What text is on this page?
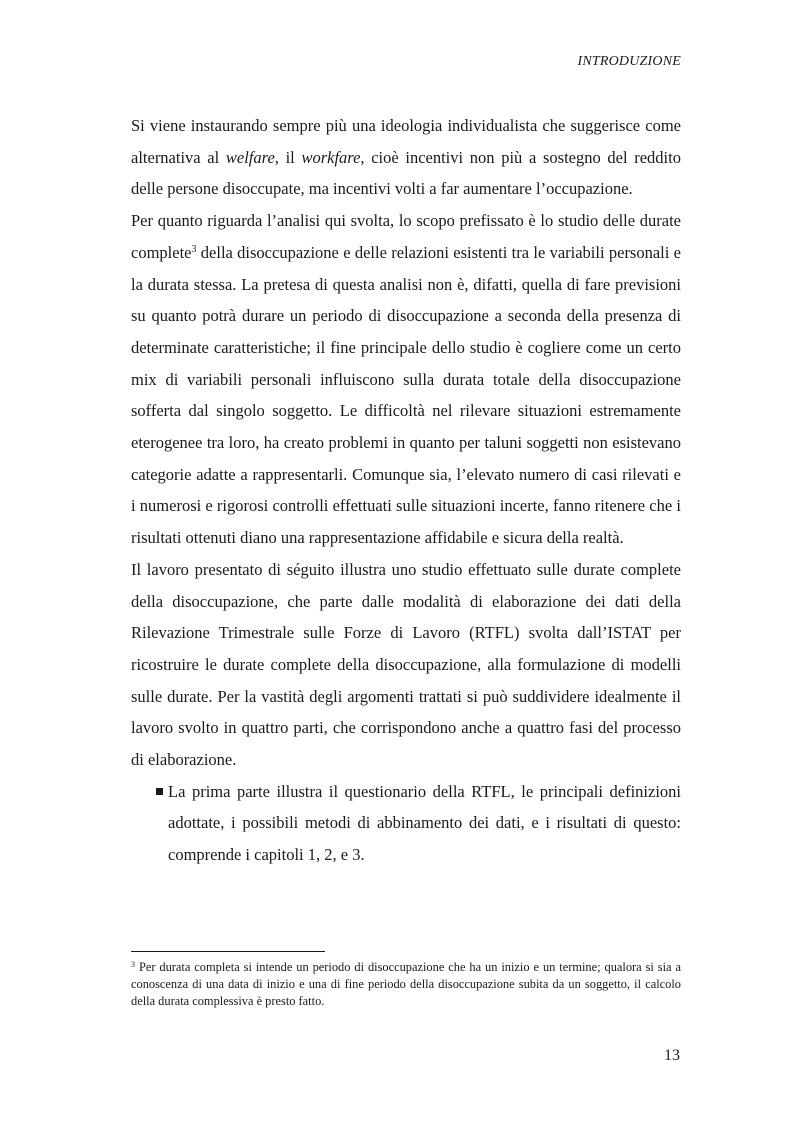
INTRODUZIONE

Si viene instaurando sempre più una ideologia individualista che suggerisce come alternativa al welfare, il workfare, cioè incentivi non più a sostegno del reddito delle persone disoccupate, ma incentivi volti a far aumentare l’occupazione.

Per quanto riguarda l’analisi qui svolta, lo scopo prefissato è lo studio delle durate complete$^3$ della disoccupazione e delle relazioni esistenti tra le variabili personali e la durata stessa. La pretesa di questa analisi non è, difatti, quella di fare previsioni su quanto potrà durare un periodo di disoccupazione a seconda della presenza di determinate caratteristiche; il fine principale dello studio è cogliere come un certo mix di variabili personali influiscono sulla durata totale della disoccupazione sofferta dal singolo soggetto. Le difficoltà nel rilevare situazioni estremamente eterogenee tra loro, ha creato problemi in quanto per taluni soggetti non esistevano categorie adatte a rappresentarli. Comunque sia, l’elevato numero di casi rilevati e i numerosi e rigorosi controlli effettuati sulle situazioni incerte, fanno ritenere che i risultati ottenuti diano una rappresentazione affidabile e sicura della realtà.

Il lavoro presentato di séguito illustra uno studio effettuato sulle durate complete della disoccupazione, che parte dalle modalità di elaborazione dei dati della Rilevazione Trimestrale sulle Forze di Lavoro (RTFL) svolta dall’ISTAT per ricostruire le durate complete della disoccupazione, alla formulazione di modelli sulle durate. Per la vastità degli argomenti trattati si può suddividere idealmente il lavoro svolto in quattro parti, che corrispondono anche a quattro fasi del processo di elaborazione.

La prima parte illustra il questionario della RTFL, le principali definizioni adottate, i possibili metodi di abbinamento dei dati, e i risultati di questo: comprende i capitoli 1, 2, e 3.

$^3$ Per durata completa si intende un periodo di disoccupazione che ha un inizio e un termine; qualora si sia a conoscenza di una data di inizio e una di fine periodo della disoccupazione subita da un soggetto, il calcolo della durata complessiva è presto fatto.

13
